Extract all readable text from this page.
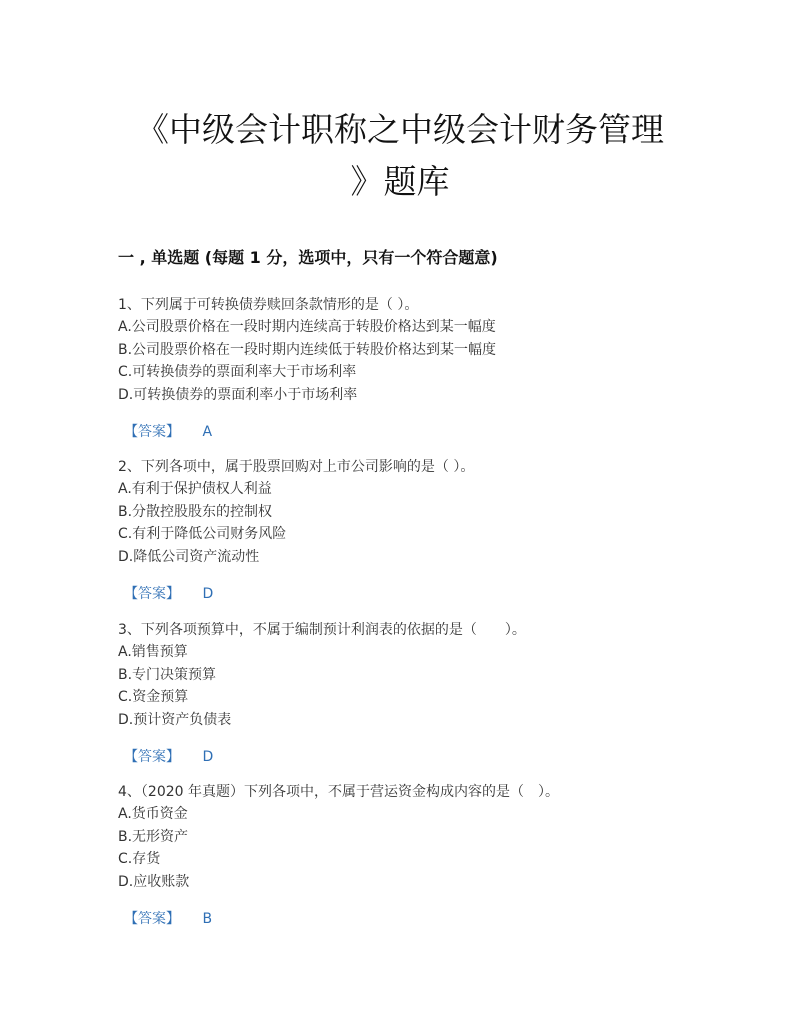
《中级会计职称之中级会计财务管理
》题库
一 , 单选题 (每题 1 分，选项中，只有一个符合题意)
1、下列属于可转换债券赎回条款情形的是（ ）。
A.公司股票价格在一段时期内连续高于转股价格达到某一幅度
B.公司股票价格在一段时期内连续低于转股价格达到某一幅度
C.可转换债券的票面利率大于市场利率
D.可转换债券的票面利率小于市场利率
【答案】 A
2、下列各项中，属于股票回购对上市公司影响的是（ ）。
A.有利于保护债权人利益
B.分散控股股东的控制权
C.有利于降低公司财务风险
D.降低公司资产流动性
【答案】 D
3、下列各项预算中，不属于编制预计利润表的依据的是（　　）。
A.销售预算
B.专门决策预算
C.资金预算
D.预计资产负债表
【答案】 D
4、（2020 年真题）下列各项中，不属于营运资金构成内容的是（　）。
A.货币资金
B.无形资产
C.存货
D.应收账款
【答案】 B
